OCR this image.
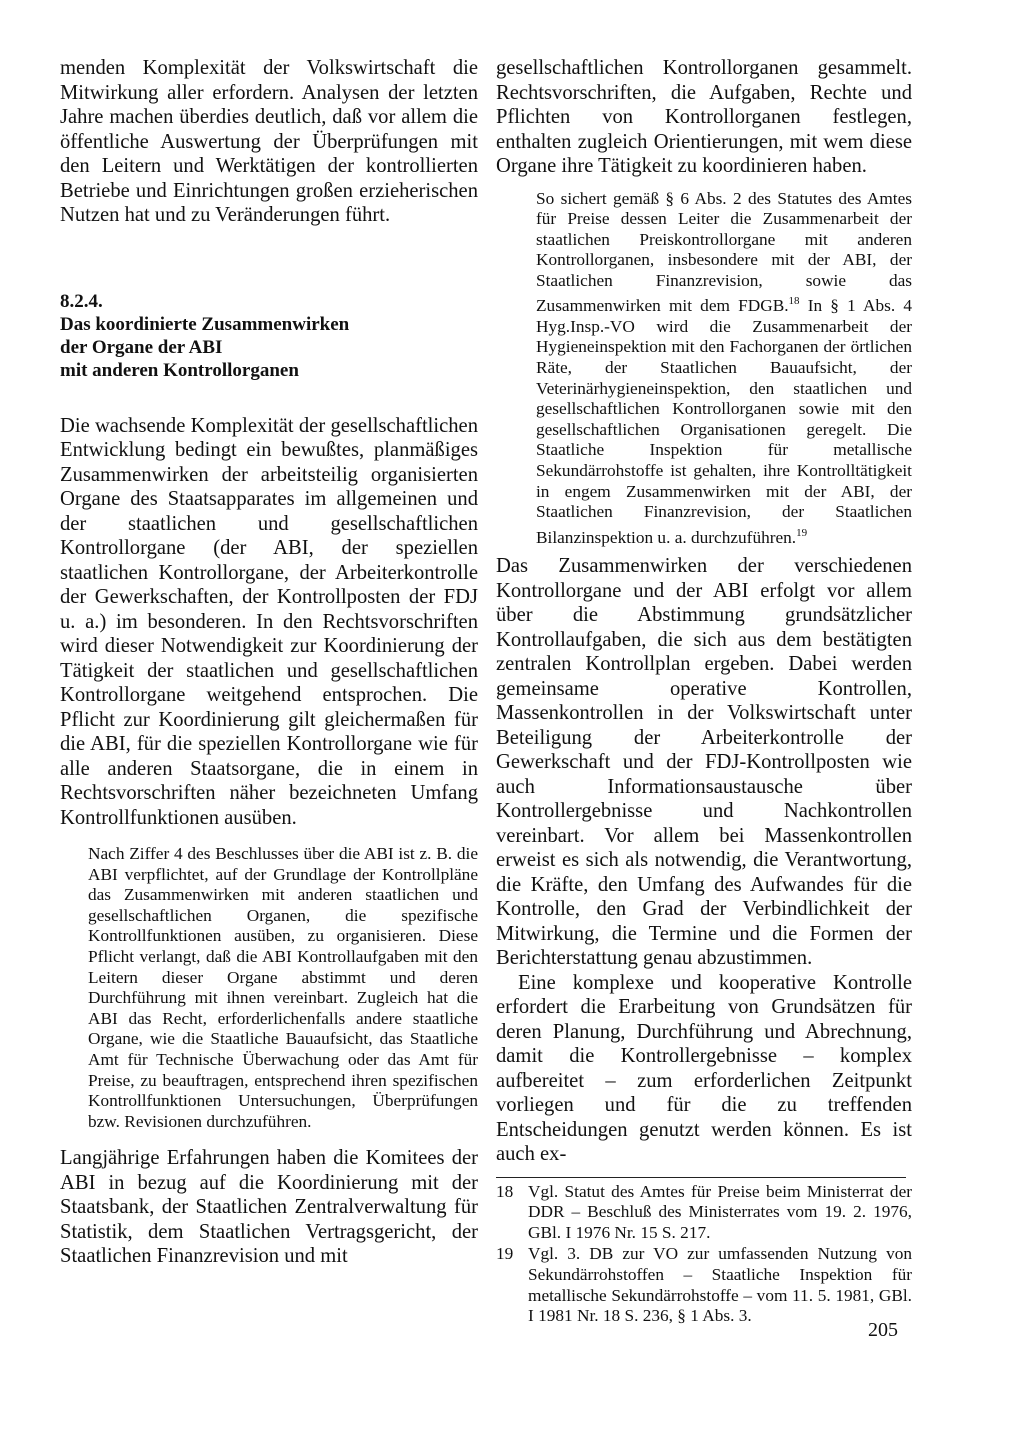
menden Komplexität der Volkswirtschaft die Mitwirkung aller erfordern. Analysen der letzten Jahre machen überdies deutlich, daß vor allem die öffentliche Auswertung der Überprüfungen mit den Leitern und Werktätigen der kontrollierten Betriebe und Einrichtungen großen erzieherischen Nutzen hat und zu Veränderungen führt.

8.2.4.

Das koordinierte Zusammenwirken

der Organe der ABI

mit anderen Kontrollorganen

Die wachsende Komplexität der gesellschaftlichen Entwicklung bedingt ein bewußtes, planmäßiges Zusammenwirken der arbeitsteilig organisierten Organe des Staatsapparates im allgemeinen und der staatlichen und gesellschaftlichen Kontrollorgane (der ABI, der speziellen staatlichen Kontrollorgane, der Arbeiterkontrolle der Gewerkschaften, der Kontrollposten der FDJ u. a.) im besonderen. In den Rechtsvorschriften wird dieser Notwendigkeit zur Koordinierung der Tätigkeit der staatlichen und gesellschaftlichen Kontrollorgane weitgehend entsprochen. Die Pflicht zur Koordinierung gilt gleichermaßen für die ABI, für die speziellen Kontrollorgane wie für alle anderen Staatsorgane, die in einem in Rechtsvorschriften näher bezeichneten Umfang Kontrollfunktionen ausüben.

Nach Ziffer 4 des Beschlusses über die ABI ist z. B. die ABI verpflichtet, auf der Grundlage der Kontrollpläne das Zusammenwirken mit anderen staatlichen und gesellschaftlichen Organen, die spezifische Kontrollfunktionen ausüben, zu organisieren. Diese Pflicht verlangt, daß die ABI Kontrollaufgaben mit den Leitern dieser Organe abstimmt und deren Durchführung mit ihnen vereinbart. Zugleich hat die ABI das Recht, erforderlichenfalls andere staatliche Organe, wie die Staatliche Bauaufsicht, das Staatliche Amt für Technische Überwachung oder das Amt für Preise, zu beauftragen, entsprechend ihren spezifischen Kontrollfunktionen Untersuchungen, Überprüfungen bzw. Revisionen durchzuführen.

Langjährige Erfahrungen haben die Komitees der ABI in bezug auf die Koordinierung mit der Staatsbank, der Staatlichen Zentralverwaltung für Statistik, dem Staatlichen Vertragsgericht, der Staatlichen Finanzrevision und mit

gesellschaftlichen Kontrollorganen gesammelt. Rechtsvorschriften, die Aufgaben, Rechte und Pflichten von Kontrollorganen festlegen, enthalten zugleich Orientierungen, mit wem diese Organe ihre Tätigkeit zu koordinieren haben.

So sichert gemäß § 6 Abs. 2 des Statutes des Amtes für Preise dessen Leiter die Zusammenarbeit der staatlichen Preiskontrollorgane mit anderen Kontrollorganen, insbesondere mit der ABI, der Staatlichen Finanzrevision, sowie das Zusammenwirken mit dem FDGB.$^{18}$ In § 1 Abs. 4 Hyg.Insp.-VO wird die Zusammenarbeit der Hygieneinspektion mit den Fachorganen der örtlichen Räte, der Staatlichen Bauaufsicht, der Veterinärhygieneinspektion, den staatlichen und gesellschaftlichen Kontrollorganen sowie mit den gesellschaftlichen Organisationen geregelt. Die Staatliche Inspektion für metallische Sekundärrohstoffe ist gehalten, ihre Kontrolltätigkeit in engem Zusammenwirken mit der ABI, der Staatlichen Finanzrevision, der Staatlichen Bilanzinspektion u. a. durchzuführen.$^{19}$

Das Zusammenwirken der verschiedenen Kontrollorgane und der ABI erfolgt vor allem über die Abstimmung grundsätzlicher Kontrollaufgaben, die sich aus dem bestätigten zentralen Kontrollplan ergeben. Dabei werden gemeinsame operative Kontrollen, Massenkontrollen in der Volkswirtschaft unter Beteiligung der Arbeiterkontrolle der Gewerkschaft und der FDJ-Kontrollposten wie auch Informationsaustausche über Kontrollergebnisse und Nachkontrollen vereinbart. Vor allem bei Massenkontrollen erweist es sich als notwendig, die Verantwortung, die Kräfte, den Umfang des Aufwandes für die Kontrolle, den Grad der Verbindlichkeit der Mitwirkung, die Termine und die Formen der Berichterstattung genau abzustimmen.

Eine komplexe und kooperative Kontrolle erfordert die Erarbeitung von Grundsätzen für deren Planung, Durchführung und Abrechnung, damit die Kontrollergebnisse – komplex aufbereitet – zum erforderlichen Zeitpunkt vorliegen und für die zu treffenden Entscheidungen genutzt werden können. Es ist auch ex-

18 Vgl. Statut des Amtes für Preise beim Ministerrat der DDR – Beschluß des Ministerrates vom 19. 2. 1976, GBl. I 1976 Nr. 15 S. 217.
19 Vgl. 3. DB zur VO zur umfassenden Nutzung von Sekundärrohstoffen – Staatliche Inspektion für metallische Sekundärrohstoffe – vom 11. 5. 1981, GBl. I 1981 Nr. 18 S. 236, § 1 Abs. 3.
205
